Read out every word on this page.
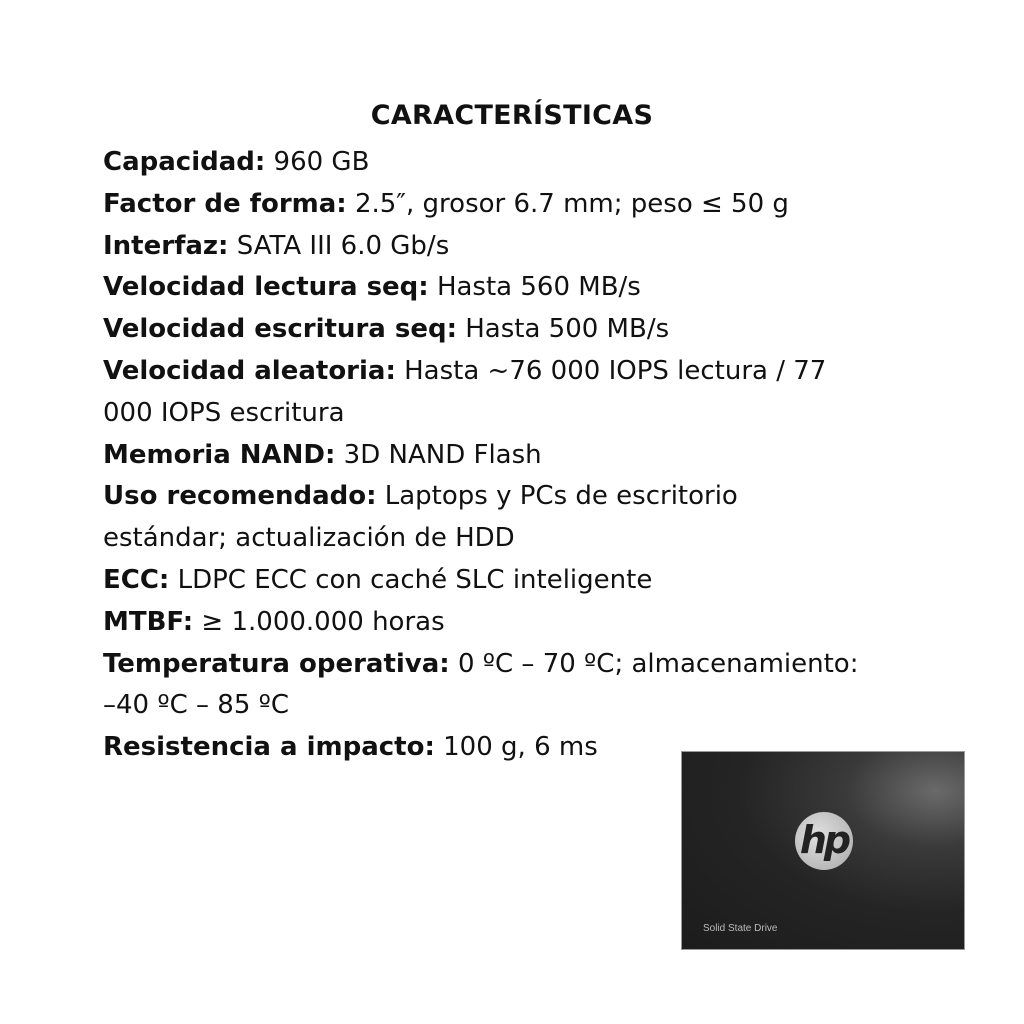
CARACTERÍSTICAS

Capacidad: 960 GB

Factor de forma: 2.5″, grosor 6.7 mm; peso ≤ 50 g

Interfaz: SATA III 6.0 Gb/s

Velocidad lectura seq: Hasta 560 MB/s

Velocidad escritura seq: Hasta 500 MB/s

Velocidad aleatoria: Hasta ~76 000 IOPS lectura / 77 000 IOPS escritura

Memoria NAND: 3D NAND Flash

Uso recomendado: Laptops y PCs de escritorio estándar; actualización de HDD

ECC: LDPC ECC con caché SLC inteligente

MTBF: ≥ 1.000.000 horas

Temperatura operativa: 0 ºC – 70 ºC; almacenamiento: –40 ºC – 85 ºC

Resistencia a impacto: 100 g, 6 ms

hp
Solid State Drive
